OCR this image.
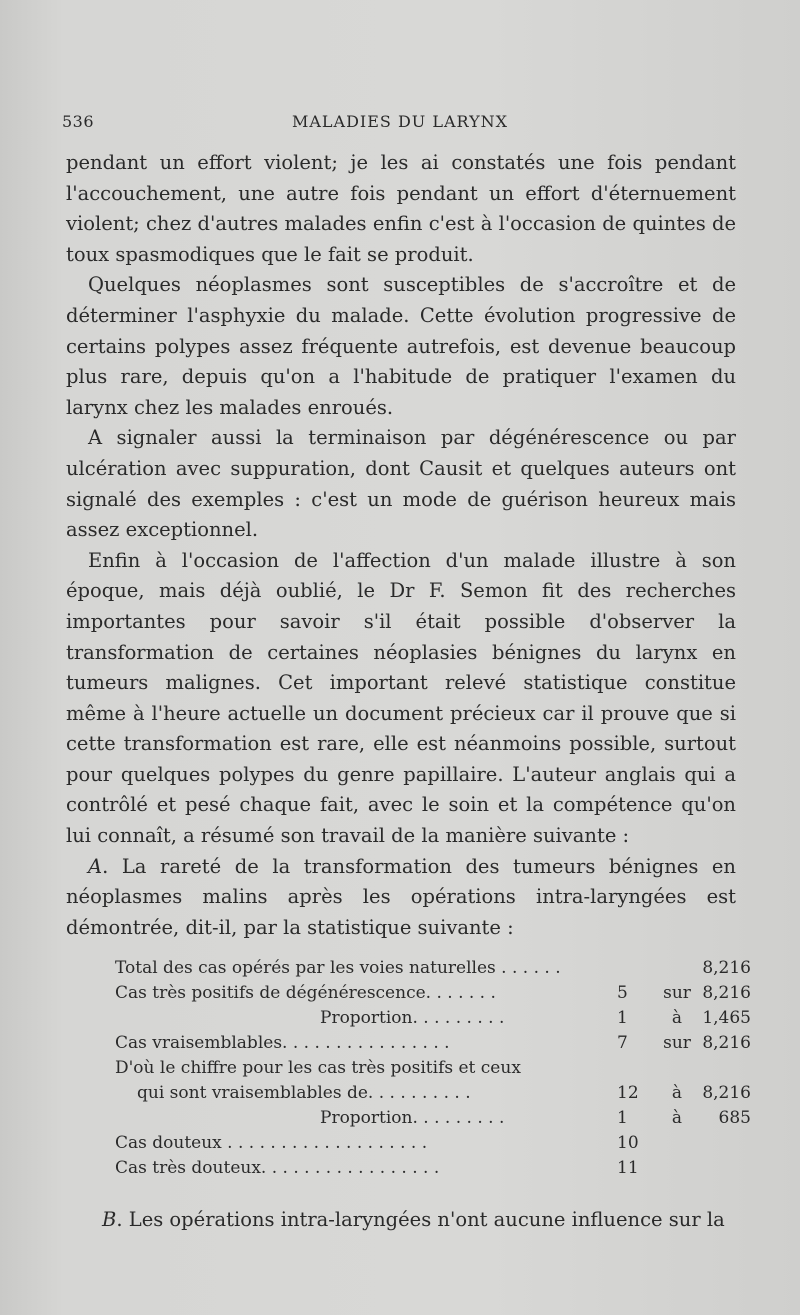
536	MALADIES DU LARYNX

pendant un effort violent; je les ai constatés une fois pendant l'accouchement, une autre fois pendant un effort d'éternuement violent; chez d'autres malades enfin c'est à l'occasion de quintes de toux spasmodiques que le fait se produit.

Quelques néoplasmes sont susceptibles de s'accroître et de déterminer l'asphyxie du malade. Cette évolution progressive de certains polypes assez fréquente autrefois, est devenue beaucoup plus rare, depuis qu'on a l'habitude de pratiquer l'examen du larynx chez les malades enroués.

A signaler aussi la terminaison par dégénérescence ou par ulcération avec suppuration, dont Causit et quelques auteurs ont signalé des exemples : c'est un mode de guérison heureux mais assez exceptionnel.

Enfin à l'occasion de l'affection d'un malade illustre à son époque, mais déjà oublié, le Dr F. Semon fit des recherches importantes pour savoir s'il était possible d'observer la transformation de certaines néoplasies bénignes du larynx en tumeurs malignes. Cet important relevé statistique constitue même à l'heure actuelle un document précieux car il prouve que si cette transformation est rare, elle est néanmoins possible, surtout pour quelques polypes du genre papillaire. L'auteur anglais qui a contrôlé et pesé chaque fait, avec le soin et la compétence qu'on lui connaît, a résumé son travail de la manière suivante :

A. La rareté de la transformation des tumeurs bénignes en néoplasmes malins après les opérations intra-laryngées est démontrée, dit-il, par la statistique suivante :

Total des cas opérés par les voies naturelles . . . . . .	8,216
Cas très positifs de dégénérescence. . . . . . .	5	sur 8,216
Proportion. . . . . . . . .	1	à	1,465
Cas vraisemblables. . . . . . . . . . . . . . . .	7	sur 8,216
D'où le chiffre pour les cas très positifs et ceux
qui sont vraisemblables de. . . . . . . . . .	12	à	8,216
Proportion. . . . . . . . .	1	à	685
Cas douteux . . . . . . . . . . . . . . . . . . .	10
Cas très douteux. . . . . . . . . . . . . . . . .	11
B. Les opérations intra-laryngées n'ont aucune influence sur la
